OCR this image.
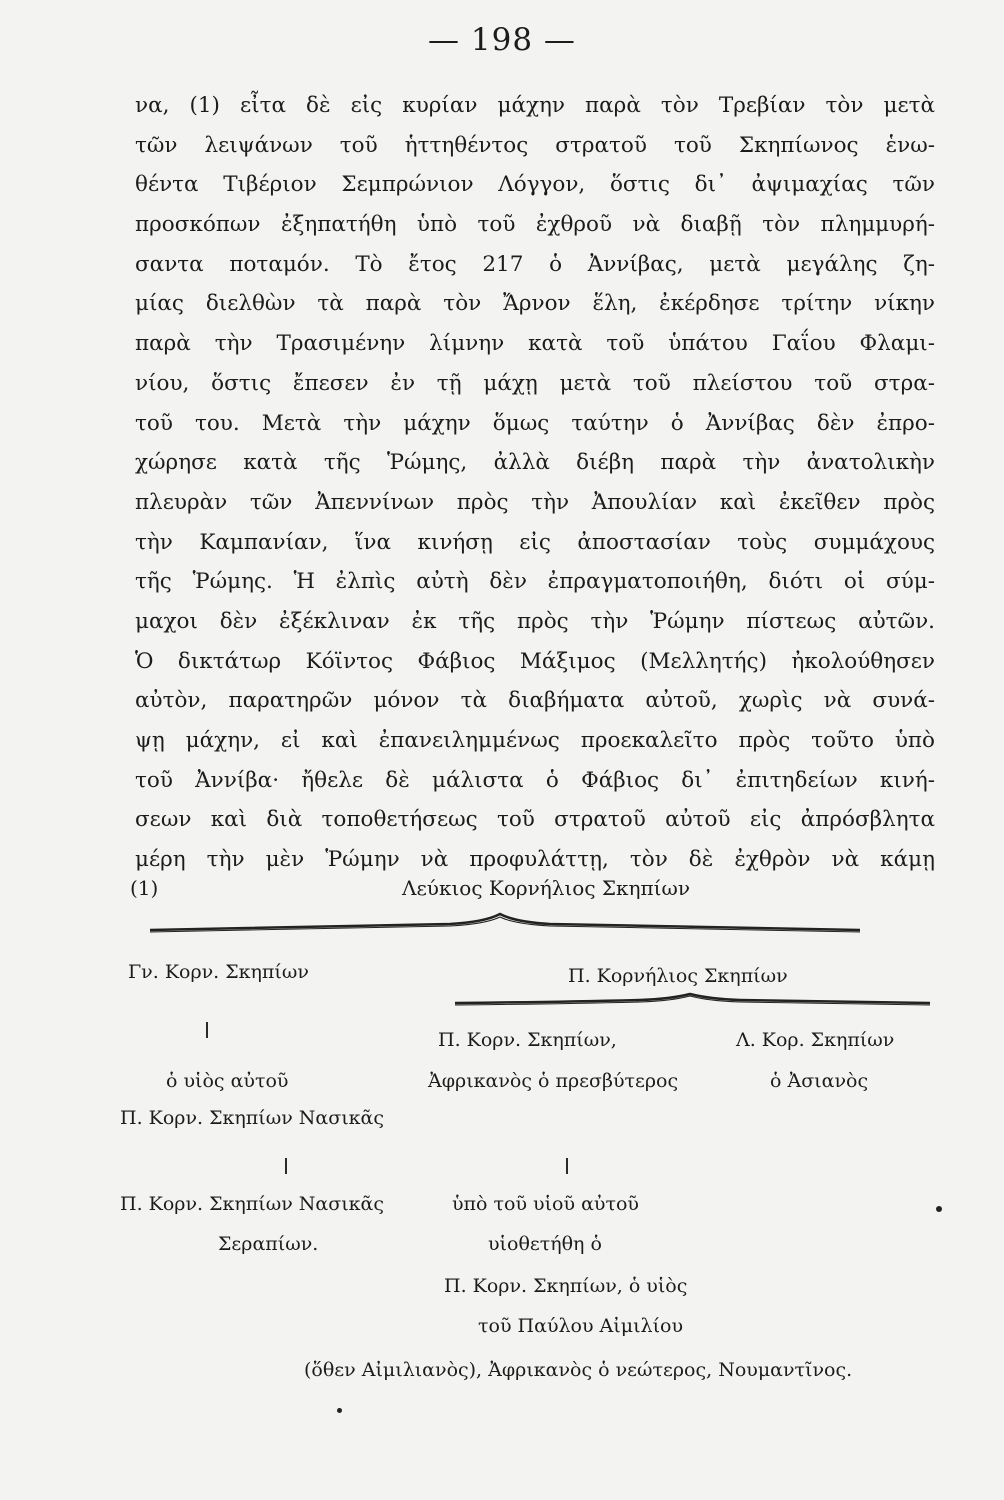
— 198 —
να, (1) εἶτα δὲ εἰς κυρίαν μάχην παρὰ τὸν Τρεβίαν τὸν μετὰ
τῶν λειψάνων τοῦ ἡττηθέντος στρατοῦ τοῦ Σκηπίωνος ἑνω-
θέντα Τιβέριον Σεμπρώνιον Λόγγον, ὅστις δι᾽ ἀψιμαχίας τῶν
προσκόπων ἐξηπατήθη ὑπὸ τοῦ ἐχθροῦ νὰ διαβῇ τὸν πλημμυρή-
σαντα ποταμόν. Τὸ ἔτος 217 ὁ Ἀννίβας, μετὰ μεγάλης ζη-
μίας διελθὼν τὰ παρὰ τὸν Ἄρνον ἕλη, ἐκέρδησε τρίτην νίκην
παρὰ τὴν Τρασιμένην λίμνην κατὰ τοῦ ὑπάτου Γαΐου Φλαμι-
νίου, ὅστις ἔπεσεν ἐν τῇ μάχῃ μετὰ τοῦ πλείστου τοῦ στρα-
τοῦ του. Μετὰ τὴν μάχην ὅμως ταύτην ὁ Ἀννίβας δὲν ἐπρο-
χώρησε κατὰ τῆς Ῥώμης, ἀλλὰ διέβη παρὰ τὴν ἀνατολικὴν
πλευρὰν τῶν Ἀπεννίνων πρὸς τὴν Ἀπουλίαν καὶ ἐκεῖθεν πρὸς
τὴν Καμπανίαν, ἵνα κινήσῃ εἰς ἀποστασίαν τοὺς συμμάχους
τῆς Ῥώμης. Ἡ ἐλπὶς αὐτὴ δὲν ἐπραγματοποιήθη, διότι οἱ σύμ-
μαχοι δὲν ἐξέκλιναν ἐκ τῆς πρὸς τὴν Ῥώμην πίστεως αὐτῶν.
Ὁ δικτάτωρ Κόϊντος Φάβιος Μάξιμος (Μελλητής) ἠκολούθησεν
αὐτὸν, παρατηρῶν μόνον τὰ διαβήματα αὐτοῦ, χωρὶς νὰ συνά-
ψῃ μάχην, εἰ καὶ ἐπανειλημμένως προεκαλεῖτο πρὸς τοῦτο ὑπὸ
τοῦ Ἀννίβα· ἤθελε δὲ μάλιστα ὁ Φάβιος δι᾽ ἐπιτηδείων κινή-
σεων καὶ διὰ τοποθετήσεως τοῦ στρατοῦ αὐτοῦ εἰς ἀπρόσβλητα
μέρη τὴν μὲν Ῥώμην νὰ προφυλάττῃ, τὸν δὲ ἐχθρὸν νὰ κάμῃ
(1)	Λεύκιος Κορνήλιος Σκηπίων
Γν. Κορν. Σκηπίων	Π. Κορνήλιος Σκηπίων
Π. Κορν. Σκηπίων,	Λ. Κορ. Σκηπίων
ὁ υἱὸς αὐτοῦ	Ἀφρικανὸς ὁ πρεσβύτερος	ὁ Ἀσιανὸς
Π. Κορν. Σκηπίων Νασικᾶς
Π. Κορν. Σκηπίων Νασικᾶς	ὑπὸ τοῦ υἱοῦ αὐτοῦ
Σεραπίων.	υἱοθετήθη ὁ
Π. Κορν. Σκηπίων, ὁ υἱὸς
τοῦ Παύλου Αἰμιλίου
(ὅθεν Αἰμιλιανὸς), Ἀφρικανὸς ὁ νεώτερος, Νουμαντῖνος.
